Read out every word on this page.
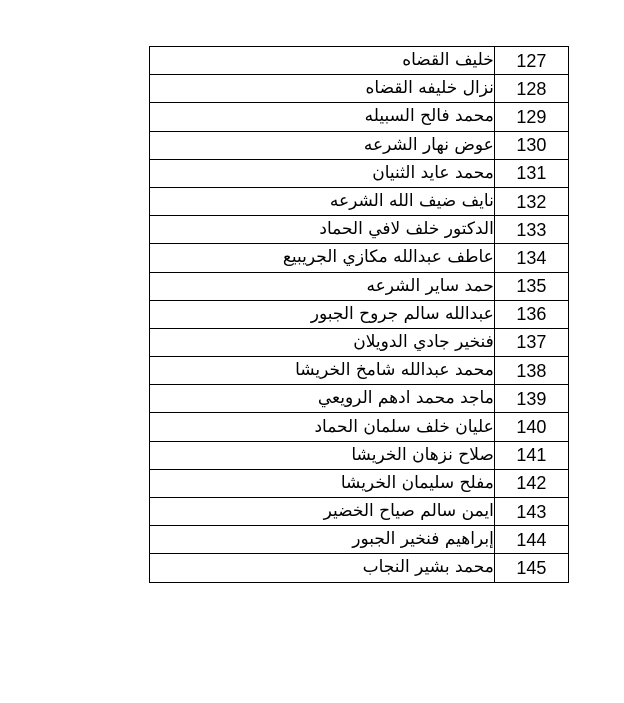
خليف القضاه	127
نزال خليفه القضاه	128
محمد فالح السبيله	129
عوض نهار الشرعه	130
محمد عايد الثنيان	131
نايف ضيف الله الشرعه	132
الدكتور خلف لافي الحماد	133
عاطف عبدالله مكازي الجريبيع	134
حمد ساير الشرعه	135
عبدالله سالم جروح الجبور	136
فنخير جادي الدويلان	137
محمد عبدالله شامخ الخريشا	138
ماجد محمد ادهم الرويعي	139
عليان خلف سلمان الحماد	140
صلاح نزهان الخريشا	141
مفلح سليمان الخريشا	142
ايمن سالم صياح الخضير	143
إبراهيم فنخير الجبور	144
محمد بشير النجاب	145
